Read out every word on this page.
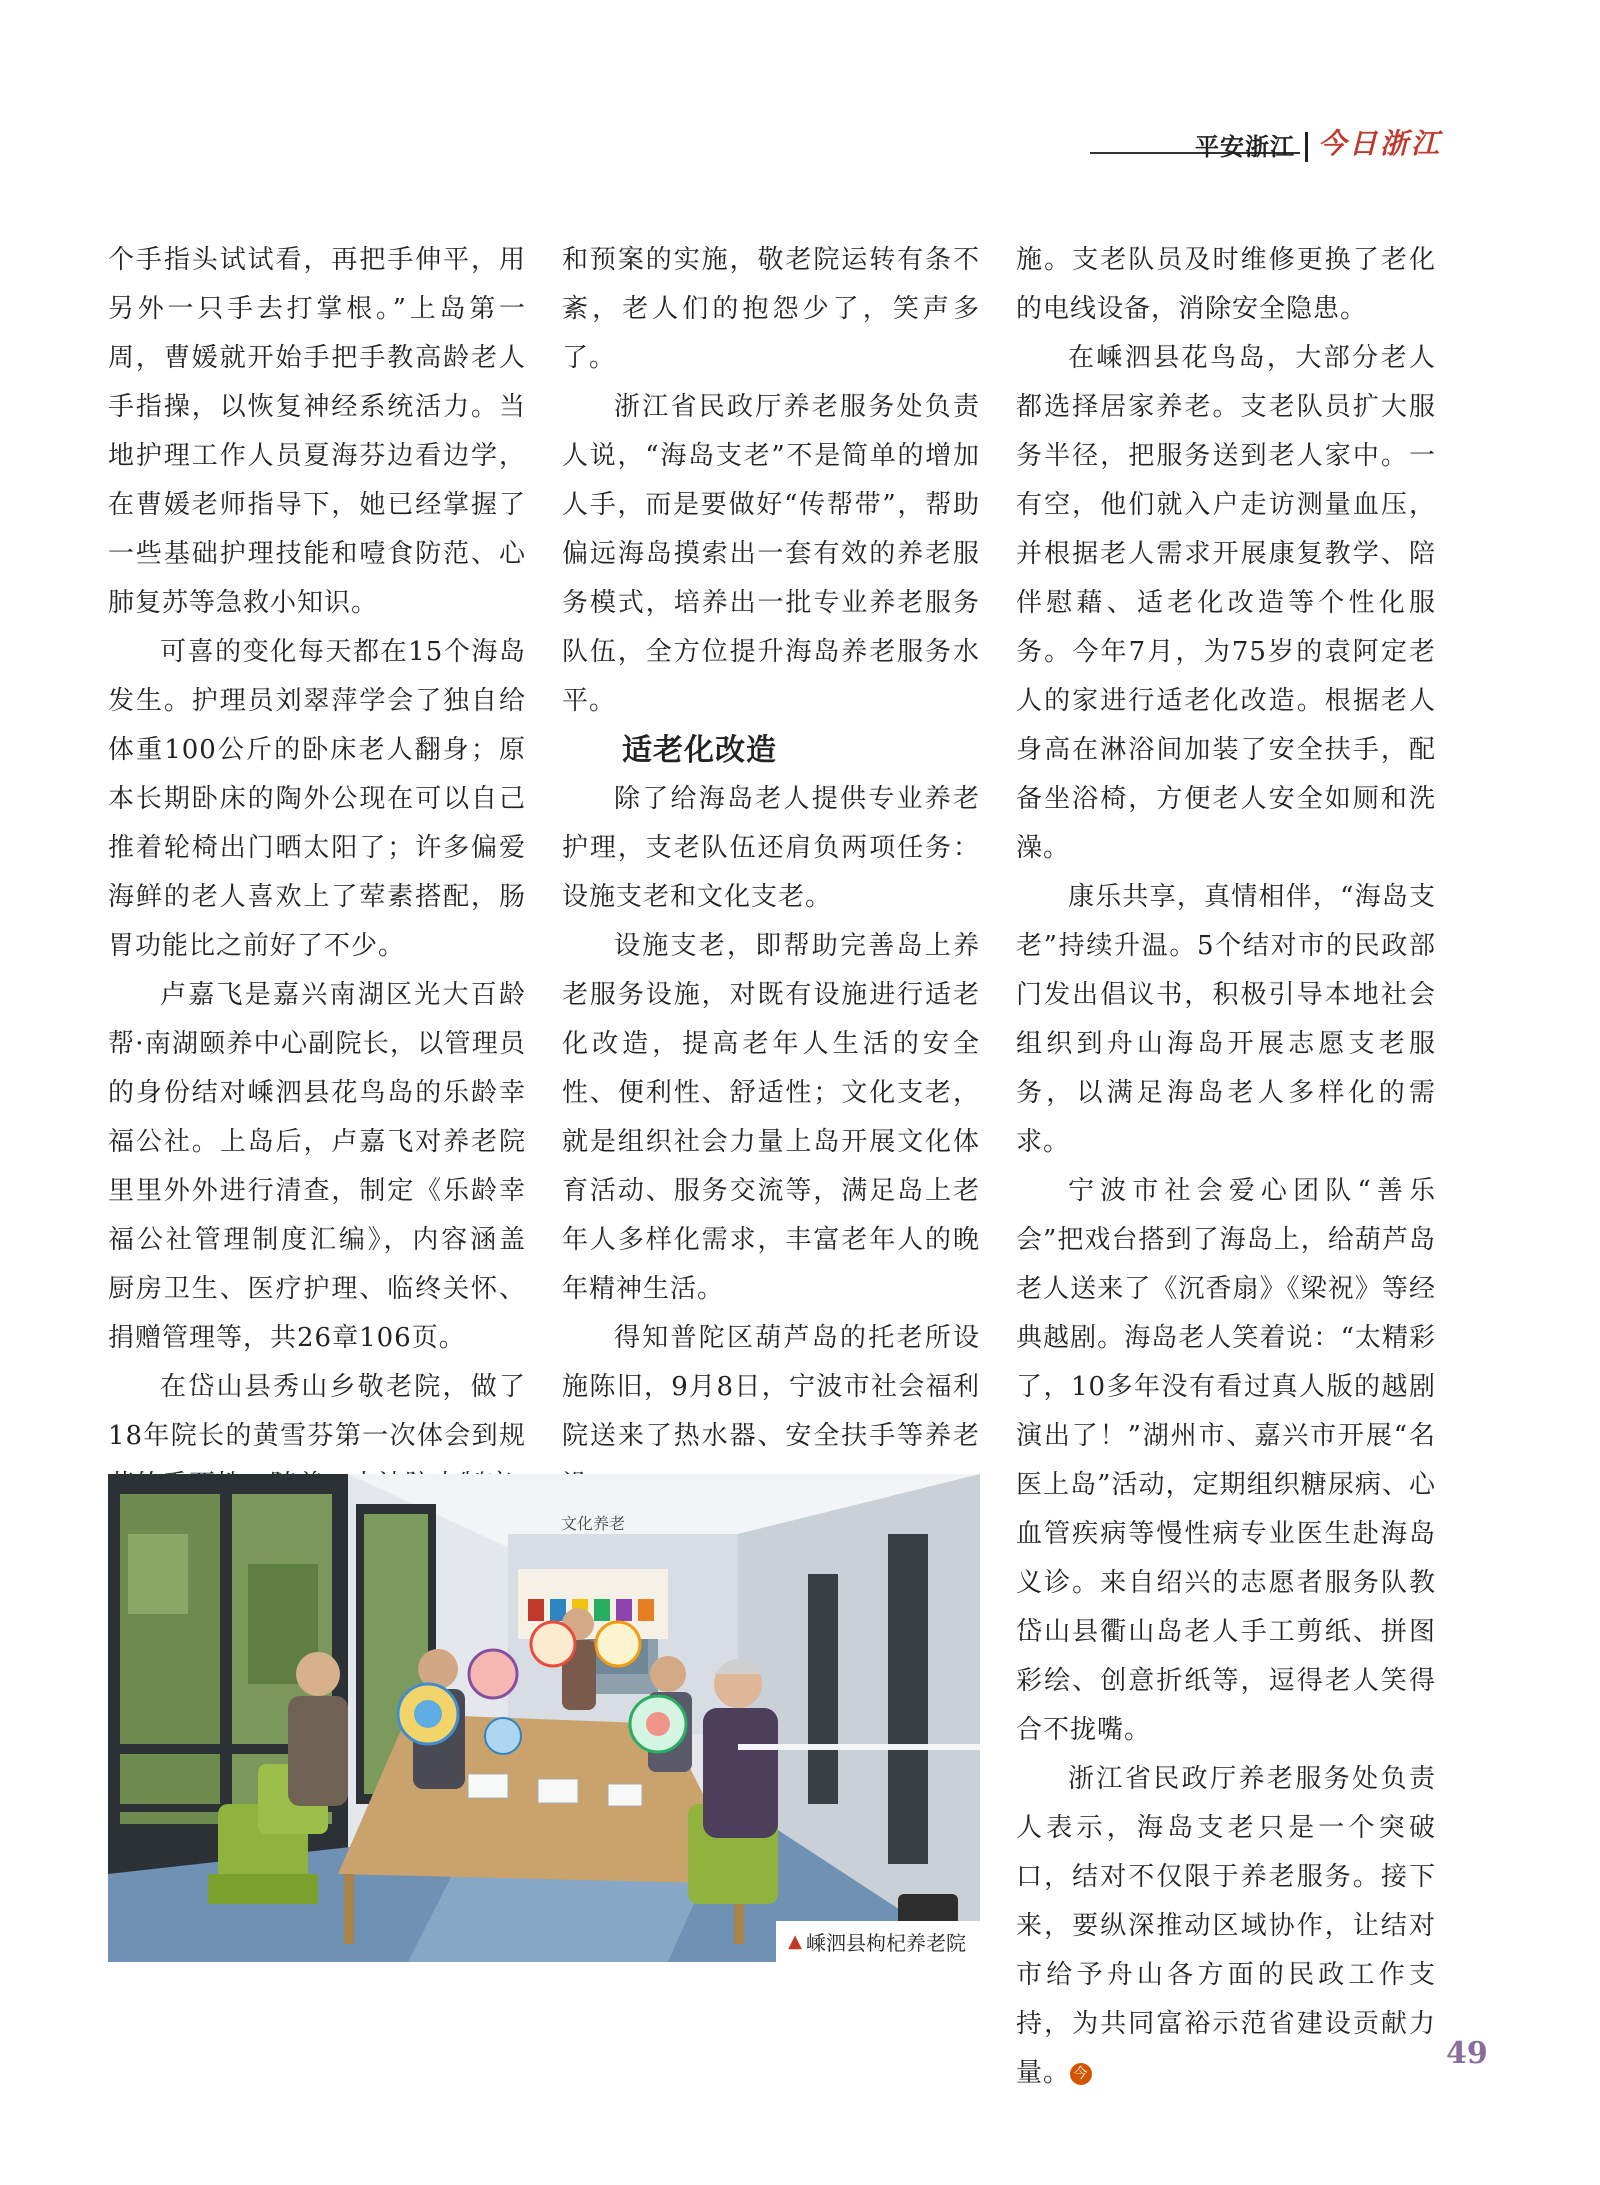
平安浙江 今日浙江

个手指头试试看，再把手伸平，用另外一只手去打掌根。”上岛第一周，曹媛就开始手把手教高龄老人手指操，以恢复神经系统活力。当地护理工作人员夏海芬边看边学，在曹媛老师指导下，她已经掌握了一些基础护理技能和噎食防范、心肺复苏等急救小知识。

可喜的变化每天都在15个海岛发生。护理员刘翠萍学会了独自给体重100公斤的卧床老人翻身；原本长期卧床的陶外公现在可以自己推着轮椅出门晒太阳了；许多偏爱海鲜的老人喜欢上了荤素搭配，肠胃功能比之前好了不少。

卢嘉飞是嘉兴南湖区光大百龄帮·南湖颐养中心副院长，以管理员的身份结对嵊泗县花鸟岛的乐龄幸福公社。上岛后，卢嘉飞对养老院里里外外进行清查，制定《乐龄幸福公社管理制度汇编》，内容涵盖厨房卫生、医疗护理、临终关怀、捐赠管理等，共26章106页。

在岱山县秀山乡敬老院，做了18年院长的黄雪芬第一次体会到规

和预案的实施，敬老院运转有条不紊，老人们的抱怨少了，笑声多了。

浙江省民政厅养老服务处负责人说，“海岛支老”不是简单的增加人手，而是要做好“传帮带”，帮助偏远海岛摸索出一套有效的养老服务模式，培养出一批专业养老服务队伍，全方位提升海岛养老服务水平。

适老化改造

除了给海岛老人提供专业养老护理，支老队伍还肩负两项任务：设施支老和文化支老。

设施支老，即帮助完善岛上养老服务设施，对既有设施进行适老化改造，提高老年人生活的安全性、便利性、舒适性；文化支老，就是组织社会力量上岛开展文化体育活动、服务交流等，满足岛上老年人多样化需求，丰富老年人的晚年精神生活。

得知普陀区葫芦岛的托老所设施陈旧，9月8日，宁波市社会福利院送来了热水器、安全扶手等养老

施。支老队员及时维修更换了老化的电线设备，消除安全隐患。

在嵊泗县花鸟岛，大部分老人都选择居家养老。支老队员扩大服务半径，把服务送到老人家中。一有空，他们就入户走访测量血压，并根据老人需求开展康复教学、陪伴慰藉、适老化改造等个性化服务。今年7月，为75岁的袁阿定老人的家进行适老化改造。根据老人身高在淋浴间加装了安全扶手，配备坐浴椅，方便老人安全如厕和洗澡。

康乐共享，真情相伴，“海岛支老”持续升温。5个结对市的民政部门发出倡议书，积极引导本地社会组织到舟山海岛开展志愿支老服务，以满足海岛老人多样化的需求。

宁波市社会爱心团队“善乐会”把戏台搭到了海岛上，给葫芦岛老人送来了《沉香扇》《梁祝》等经典越剧。海岛老人笑着说：“太精彩了，10多年没有看过真人版的越剧演出了！”湖州市、嘉兴市开展“名医上岛”活动，定期组织糖尿病、心血管疾病等慢性病专业医生赴海岛义诊。来自绍兴的志愿者服务队教岱山县衢山岛老人手工剪纸、拼图彩绘、创意折纸等，逗得老人笑得合不拢嘴。

浙江省民政厅养老服务处负责人表示，海岛支老只是一个突破口，结对不仅限于养老服务。接下来，要纵深推动区域协作，让结对市给予舟山各方面的民政工作支持，为共同富裕示范省建设贡献力量。 今

文化养老
▲ 嵊泗县枸杞养老院
49
